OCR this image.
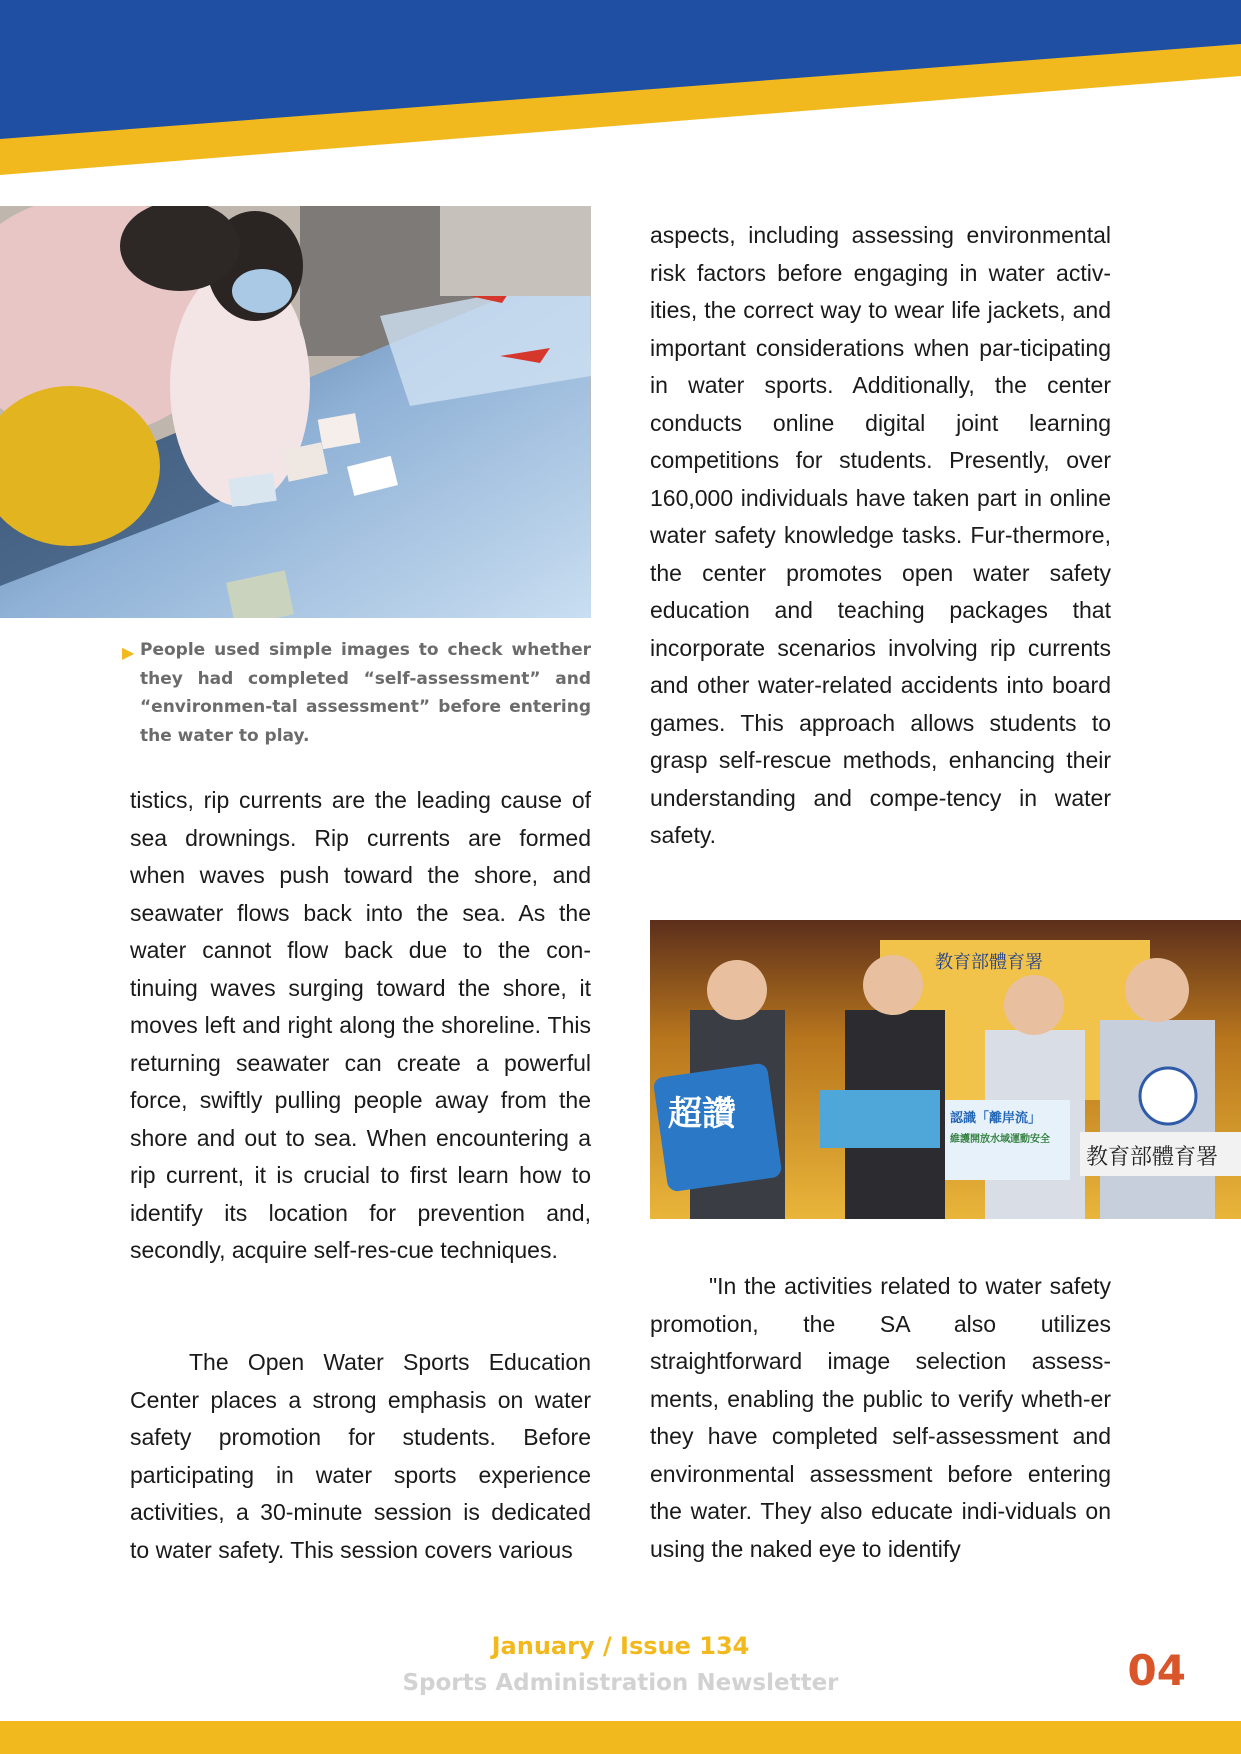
▶ People used simple images to check whether they had completed “self-assessment” and “environmen-tal assessment” before entering the water to play.

tistics, rip currents are the leading cause of sea drownings. Rip currents are formed when waves push toward the shore, and seawater flows back into the sea. As the water cannot flow back due to the con-tinuing waves surging toward the shore, it moves left and right along the shoreline. This returning seawater can create a powerful force, swiftly pulling people away from the shore and out to sea. When encountering a rip current, it is crucial to first learn how to identify its location for prevention and, secondly, acquire self-res-cue techniques.

The Open Water Sports Education Center places a strong emphasis on water safety promotion for students. Before participating in water sports experience activities, a 30-minute session is dedicated to water safety. This session covers various

aspects, including assessing environmental risk factors before engaging in water activ-ities, the correct way to wear life jackets, and important considerations when par-ticipating in water sports. Additionally, the center conducts online digital joint learning competitions for students. Presently, over 160,000 individuals have taken part in online water safety knowledge tasks. Fur-thermore, the center promotes open water safety education and teaching packages that incorporate scenarios involving rip currents and other water-related accidents into board games. This approach allows students to grasp self-rescue methods, enhancing their understanding and compe-tency in water safety.

教育部體育署
超讚	認識「離岸流」
維護開放水域運動安全
教育部體育署

"In the activities related to water safety promotion, the SA also utilizes straightforward image selection assess-ments, enabling the public to verify wheth-er they have completed self-assessment and environmental assessment before entering the water. They also educate indi-viduals on using the naked eye to identify

January / Issue 134
Sports Administration Newsletter	04
